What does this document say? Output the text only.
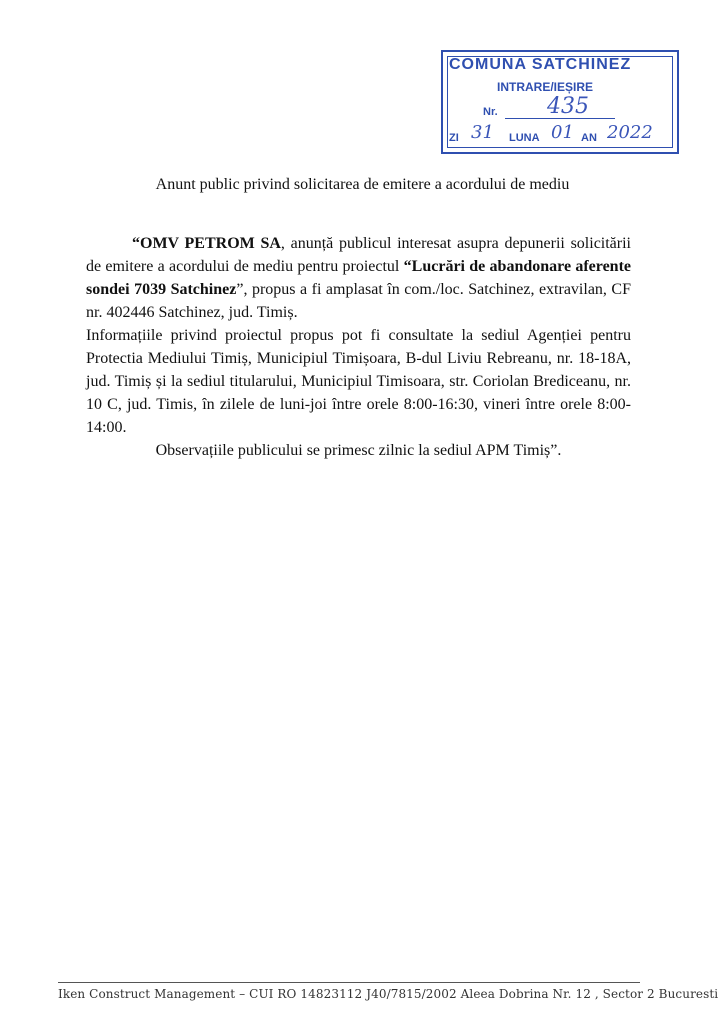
COMUNA SATCHINEZ
INTRARE/IEȘIRE
Nr. 435
ZI 31 LUNA 01 AN 2022
Anunt public privind solicitarea de emitere a acordului de mediu

“OMV PETROM SA, anunță publicul interesat asupra depunerii solicitării de emitere a acordului de mediu pentru proiectul “Lucrări de abandonare aferente sondei 7039 Satchinez”, propus a fi amplasat în com./loc. Satchinez, extravilan, CF nr. 402446 Satchinez, jud. Timiș.

Informațiile privind proiectul propus pot fi consultate la sediul Agenției pentru Protectia Mediului Timiș, Municipiul Timișoara, B-dul Liviu Rebreanu, nr. 18-18A, jud. Timiș și la sediul titularului, Municipiul Timisoara, str. Coriolan Brediceanu, nr. 10 C, jud. Timis, în zilele de luni-joi între orele 8:00-16:30, vineri între orele 8:00-14:00.

Observațiile publicului se primesc zilnic la sediul APM Timiș”.

Iken Construct Management – CUI RO 14823112 J40/7815/2002 Aleea Dobrina Nr. 12 , Sector 2 Bucuresti
